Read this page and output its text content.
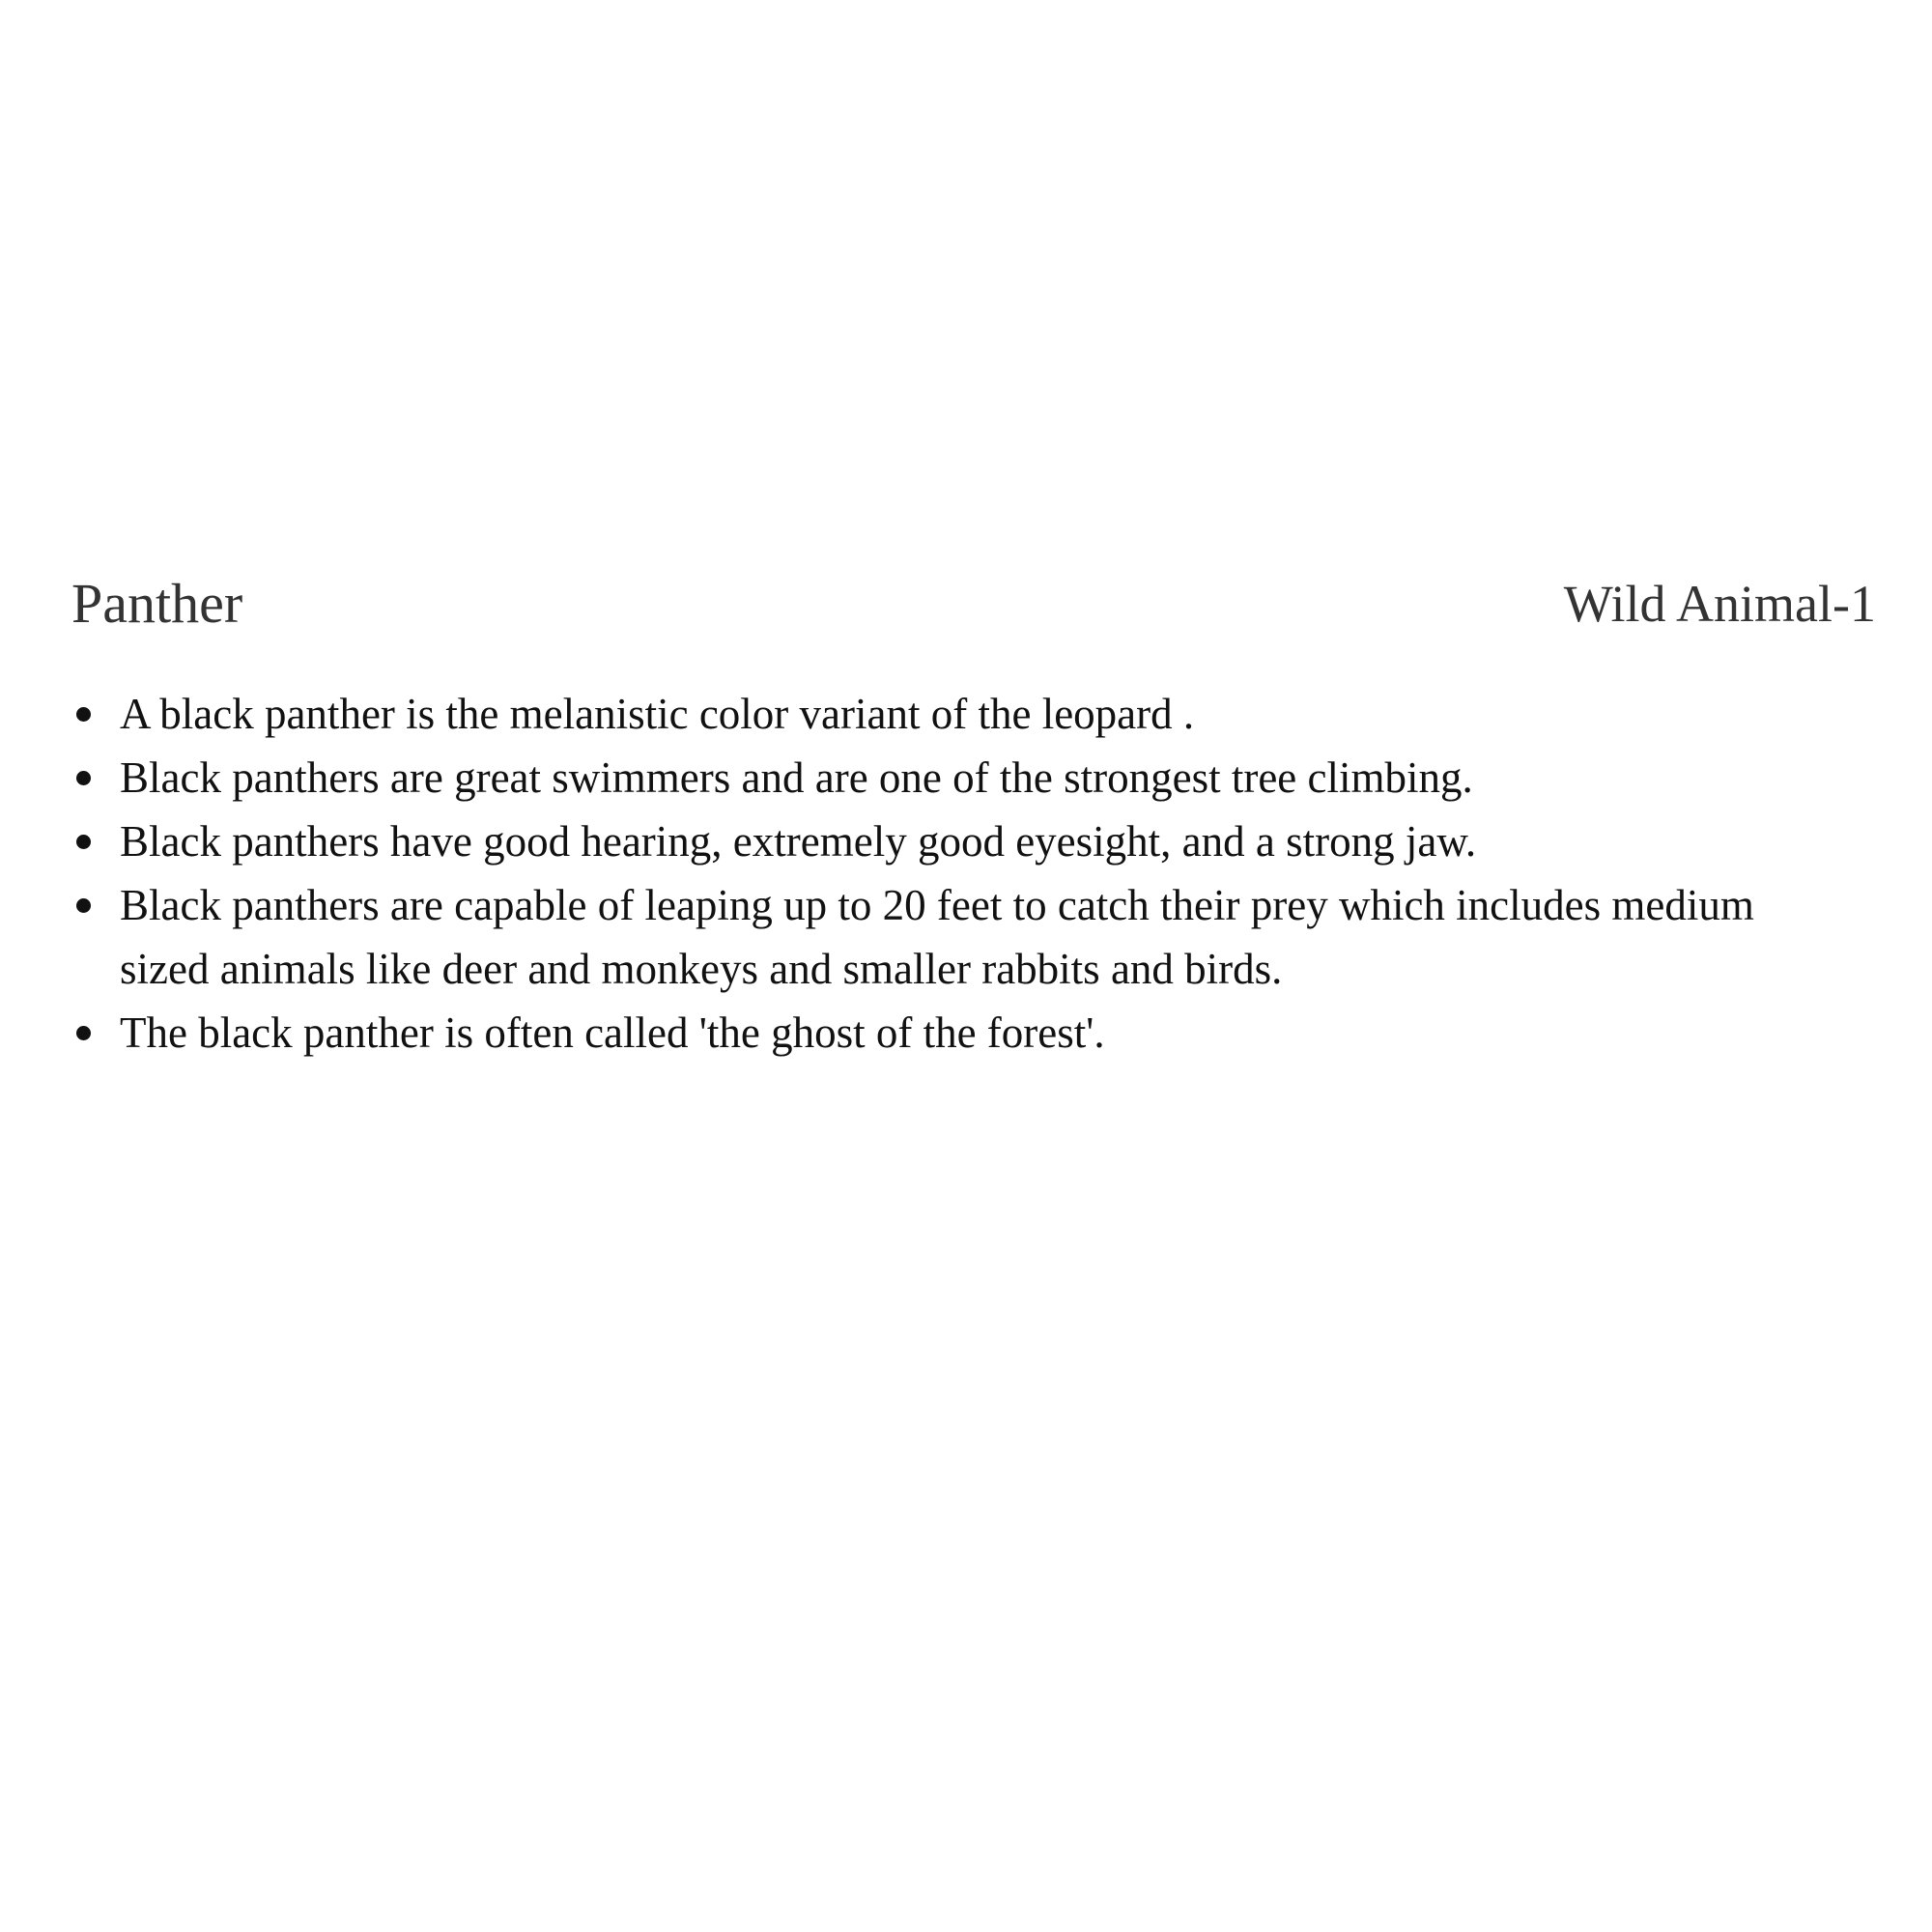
Panther	Wild Animal-1
A black panther is the melanistic color variant of the leopard .
Black panthers are great swimmers and are one of the strongest tree climbing.
Black panthers have good hearing, extremely good eyesight, and a strong jaw.
Black panthers are capable of leaping up to 20 feet to catch their prey which includes medium sized animals like deer and monkeys and smaller rabbits and birds.
The black panther is often called 'the ghost of the forest'.
